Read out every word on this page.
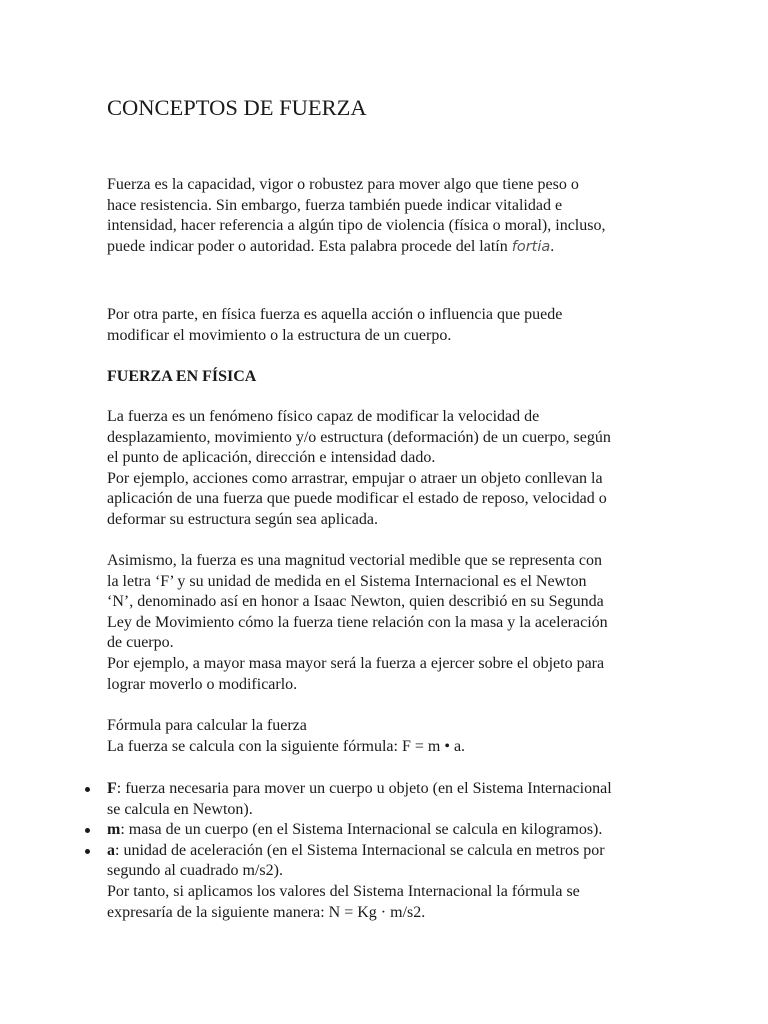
CONCEPTOS DE FUERZA

Fuerza es la capacidad, vigor o robustez para mover algo que tiene peso o
hace resistencia. Sin embargo, fuerza también puede indicar vitalidad e
intensidad, hacer referencia a algún tipo de violencia (física o moral), incluso,
puede indicar poder o autoridad. Esta palabra procede del latín fortia.

Por otra parte, en física fuerza es aquella acción o influencia que puede
modificar el movimiento o la estructura de un cuerpo.

FUERZA EN FÍSICA

La fuerza es un fenómeno físico capaz de modificar la velocidad de
desplazamiento, movimiento y/o estructura (deformación) de un cuerpo, según
el punto de aplicación, dirección e intensidad dado.
Por ejemplo, acciones como arrastrar, empujar o atraer un objeto conllevan la
aplicación de una fuerza que puede modificar el estado de reposo, velocidad o
deformar su estructura según sea aplicada.

Asimismo, la fuerza es una magnitud vectorial medible que se representa con
la letra ‘F’ y su unidad de medida en el Sistema Internacional es el Newton
‘N’, denominado así en honor a Isaac Newton, quien describió en su Segunda
Ley de Movimiento cómo la fuerza tiene relación con la masa y la aceleración
de cuerpo.
Por ejemplo, a mayor masa mayor será la fuerza a ejercer sobre el objeto para
lograr moverlo o modificarlo.

Fórmula para calcular la fuerza
La fuerza se calcula con la siguiente fórmula: F = m • a.

F: fuerza necesaria para mover un cuerpo u objeto (en el Sistema Internacional
se calcula en Newton).
m: masa de un cuerpo (en el Sistema Internacional se calcula en kilogramos).
a: unidad de aceleración (en el Sistema Internacional se calcula en metros por
segundo al cuadrado m/s2).
Por tanto, si aplicamos los valores del Sistema Internacional la fórmula se
expresaría de la siguiente manera: N = Kg · m/s2.
